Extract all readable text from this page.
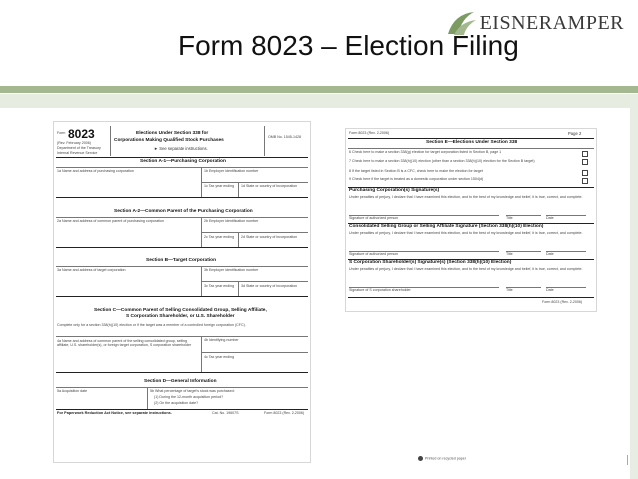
EISNERAMPER
Form 8023 – Election Filing
Form 8023
(Rev. February 2006)
Department of the Treasury
Internal Revenue Service
Elections Under Section 338 for
Corporations Making Qualified Stock Purchases
► See separate instructions.
OMB No. 1545-1428
Section A-1—Purchasing Corporation
1a Name and address of purchasing corporation	1b Employer identification number
1c Tax year ending 1d State or country of incorporation
Section A-2—Common Parent of the Purchasing Corporation
2a Name and address of common parent of purchasing corporation	2b Employer identification number
2c Tax year ending 2d State or country of incorporation
Section B—Target Corporation
3a Name and address of target corporation	3b Employer identification number
3c Tax year ending 3d State or country of incorporation
Section C—Common Parent of Selling Consolidated Group, Selling Affiliate,
S Corporation Shareholder, or U.S. Shareholder
Complete only for a section 338(h)(10) election or if the target was a member of a controlled foreign corporation (CFC).
4a Name and address of common parent of the selling consolidated group, selling affiliate, U.S. shareholder(s), or foreign target corporation, S corporation shareholder
4b Identifying number
4c Tax year ending
Section D—General Information
5a Acquisition date	5b What percentage of target's stock was purchased:
(1) During the 12-month acquisition period?
(2) On the acquisition date?
For Paperwork Reduction Act Notice, see separate instructions.	Cat. No. 19607S	Form 8023 (Rev. 2-2006)
Form 8023 (Rev. 2-2006)	Page 2
Section E—Elections Under Section 338
6 Check here to make a section 338(g) election for target corporation listed in Section B, page 1
7 Check here to make a section 338(h)(10) election (other than a section 338(h)(10) election for the Section B target)
8 If the target listed in Section B is a CFC, check here to make the election for target
9 Check here if the target is treated as a domestic corporation under section 1504(d)
Purchasing Corporation(s) Signature(s)
Under penalties of perjury, I declare that I have examined this election, and to the best of my knowledge and belief, it is true, correct, and complete.
Signature of authorized person	Title	Date
Consolidated Selling Group or Selling Affiliate Signature (Section 338(h)(10) Election)
Under penalties of perjury, I declare that I have examined this election, and to the best of my knowledge and belief, it is true, correct, and complete.
Signature of authorized person	Title	Date
S Corporation Shareholder(s) Signature(s) (Section 338(h)(10) Election)
Under penalties of perjury, I declare that I have examined this election, and to the best of my knowledge and belief, it is true, correct, and complete.
Signature of S corporation shareholder	Title	Date
Form 8023 (Rev. 2-2006)
Printed on recycled paper
